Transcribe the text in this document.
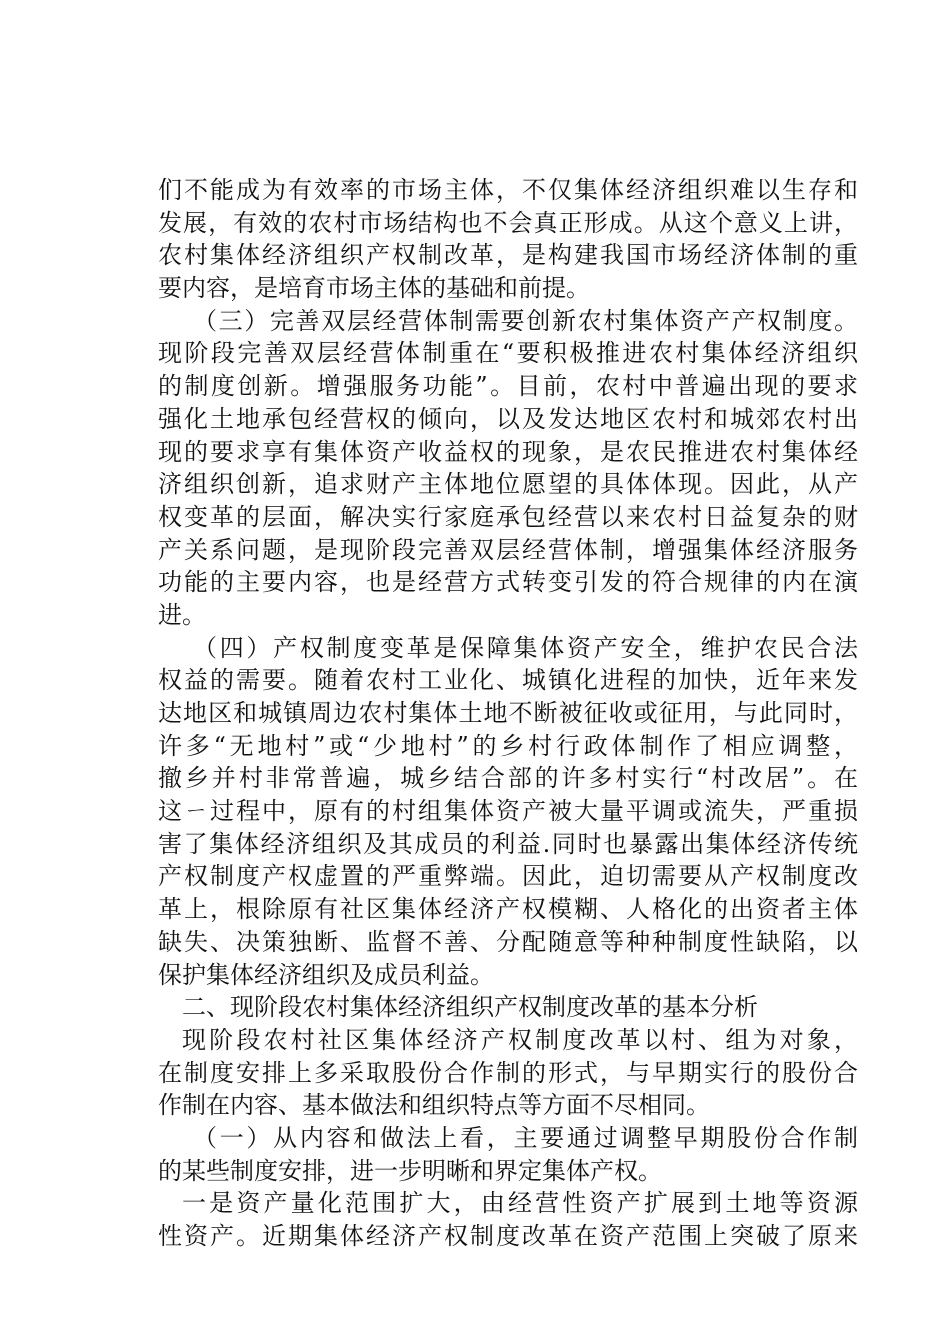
们不能成为有效率的市场主体，不仅集体经济组织难以生存和
发展，有效的农村市场结构也不会真正形成。从这个意义上讲，
农村集体经济组织产权制改革，是构建我国市场经济体制的重
要内容，是培育市场主体的基础和前提。
（三）完善双层经营体制需要创新农村集体资产产权制度。
现阶段完善双层经营体制重在“要积极推进农村集体经济组织
的制度创新。增强服务功能”。目前，农村中普遍出现的要求
强化土地承包经营权的倾向，以及发达地区农村和城郊农村出
现的要求享有集体资产收益权的现象，是农民推进农村集体经
济组织创新，追求财产主体地位愿望的具体体现。因此，从产
权变革的层面，解决实行家庭承包经营以来农村日益复杂的财
产关系问题，是现阶段完善双层经营体制，增强集体经济服务
功能的主要内容，也是经营方式转变引发的符合规律的内在演
进。
（四）产权制度变革是保障集体资产安全，维护农民合法
权益的需要。随着农村工业化、城镇化进程的加快，近年来发
达地区和城镇周边农村集体土地不断被征收或征用，与此同时，
许多“无地村”或“少地村”的乡村行政体制作了相应调整，
撤乡并村非常普遍，城乡结合部的许多村实行“村改居”。在
这ㄧ过程中，原有的村组集体资产被大量平调或流失，严重损
害了集体经济组织及其成员的利益.同时也暴露出集体经济传统
产权制度产权虚置的严重弊端。因此，迫切需要从产权制度改
革上，根除原有社区集体经济产权模糊、人格化的出资者主体
缺失、决策独断、监督不善、分配随意等种种制度性缺陷，以
保护集体经济组织及成员利益。
二、现阶段农村集体经济组织产权制度改革的基本分析
现阶段农村社区集体经济产权制度改革以村、组为对象，
在制度安排上多采取股份合作制的形式，与早期实行的股份合
作制在内容、基本做法和组织特点等方面不尽相同。
（一）从内容和做法上看，主要通过调整早期股份合作制
的某些制度安排，进一步明晰和界定集体产权。
一是资产量化范围扩大，由经营性资产扩展到土地等资源
性资产。近期集体经济产权制度改革在资产范围上突破了原来
